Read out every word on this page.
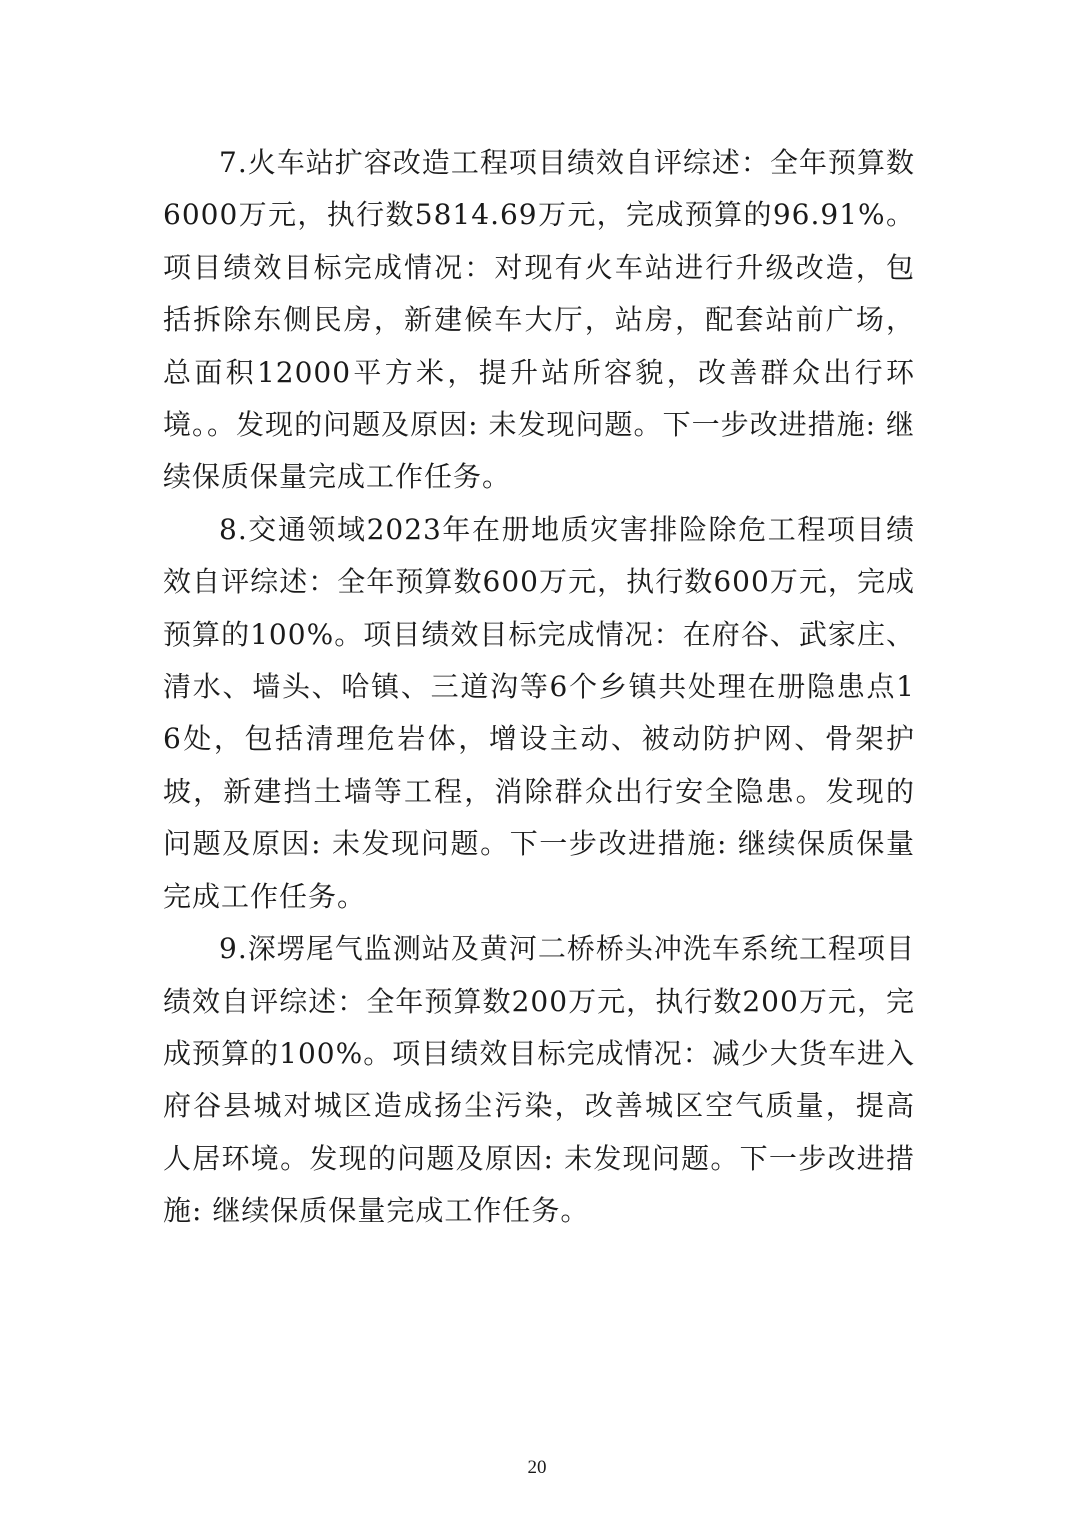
7.火车站扩容改造工程项目绩效自评综述：全年预算数6000万元，执行数5814.69万元，完成预算的96.91%。项目绩效目标完成情况：对现有火车站进行升级改造，包括拆除东侧民房，新建候车大厅，站房，配套站前广场，总面积12000平方米，提升站所容貌，改善群众出行环境。。发现的问题及原因: 未发现问题。下一步改进措施: 继续保质保量完成工作任务。

8.交通领域2023年在册地质灾害排险除危工程项目绩效自评综述：全年预算数600万元，执行数600万元，完成预算的100%。项目绩效目标完成情况：在府谷、武家庄、清水、墙头、哈镇、三道沟等6个乡镇共处理在册隐患点16处，包括清理危岩体，增设主动、被动防护网、骨架护坡，新建挡土墙等工程，消除群众出行安全隐患。发现的问题及原因: 未发现问题。下一步改进措施: 继续保质保量完成工作任务。

9.深塄尾气监测站及黄河二桥桥头冲洗车系统工程项目绩效自评综述：全年预算数200万元，执行数200万元，完成预算的100%。项目绩效目标完成情况：减少大货车进入府谷县城对城区造成扬尘污染，改善城区空气质量，提高人居环境。发现的问题及原因: 未发现问题。下一步改进措施: 继续保质保量完成工作任务。

20
